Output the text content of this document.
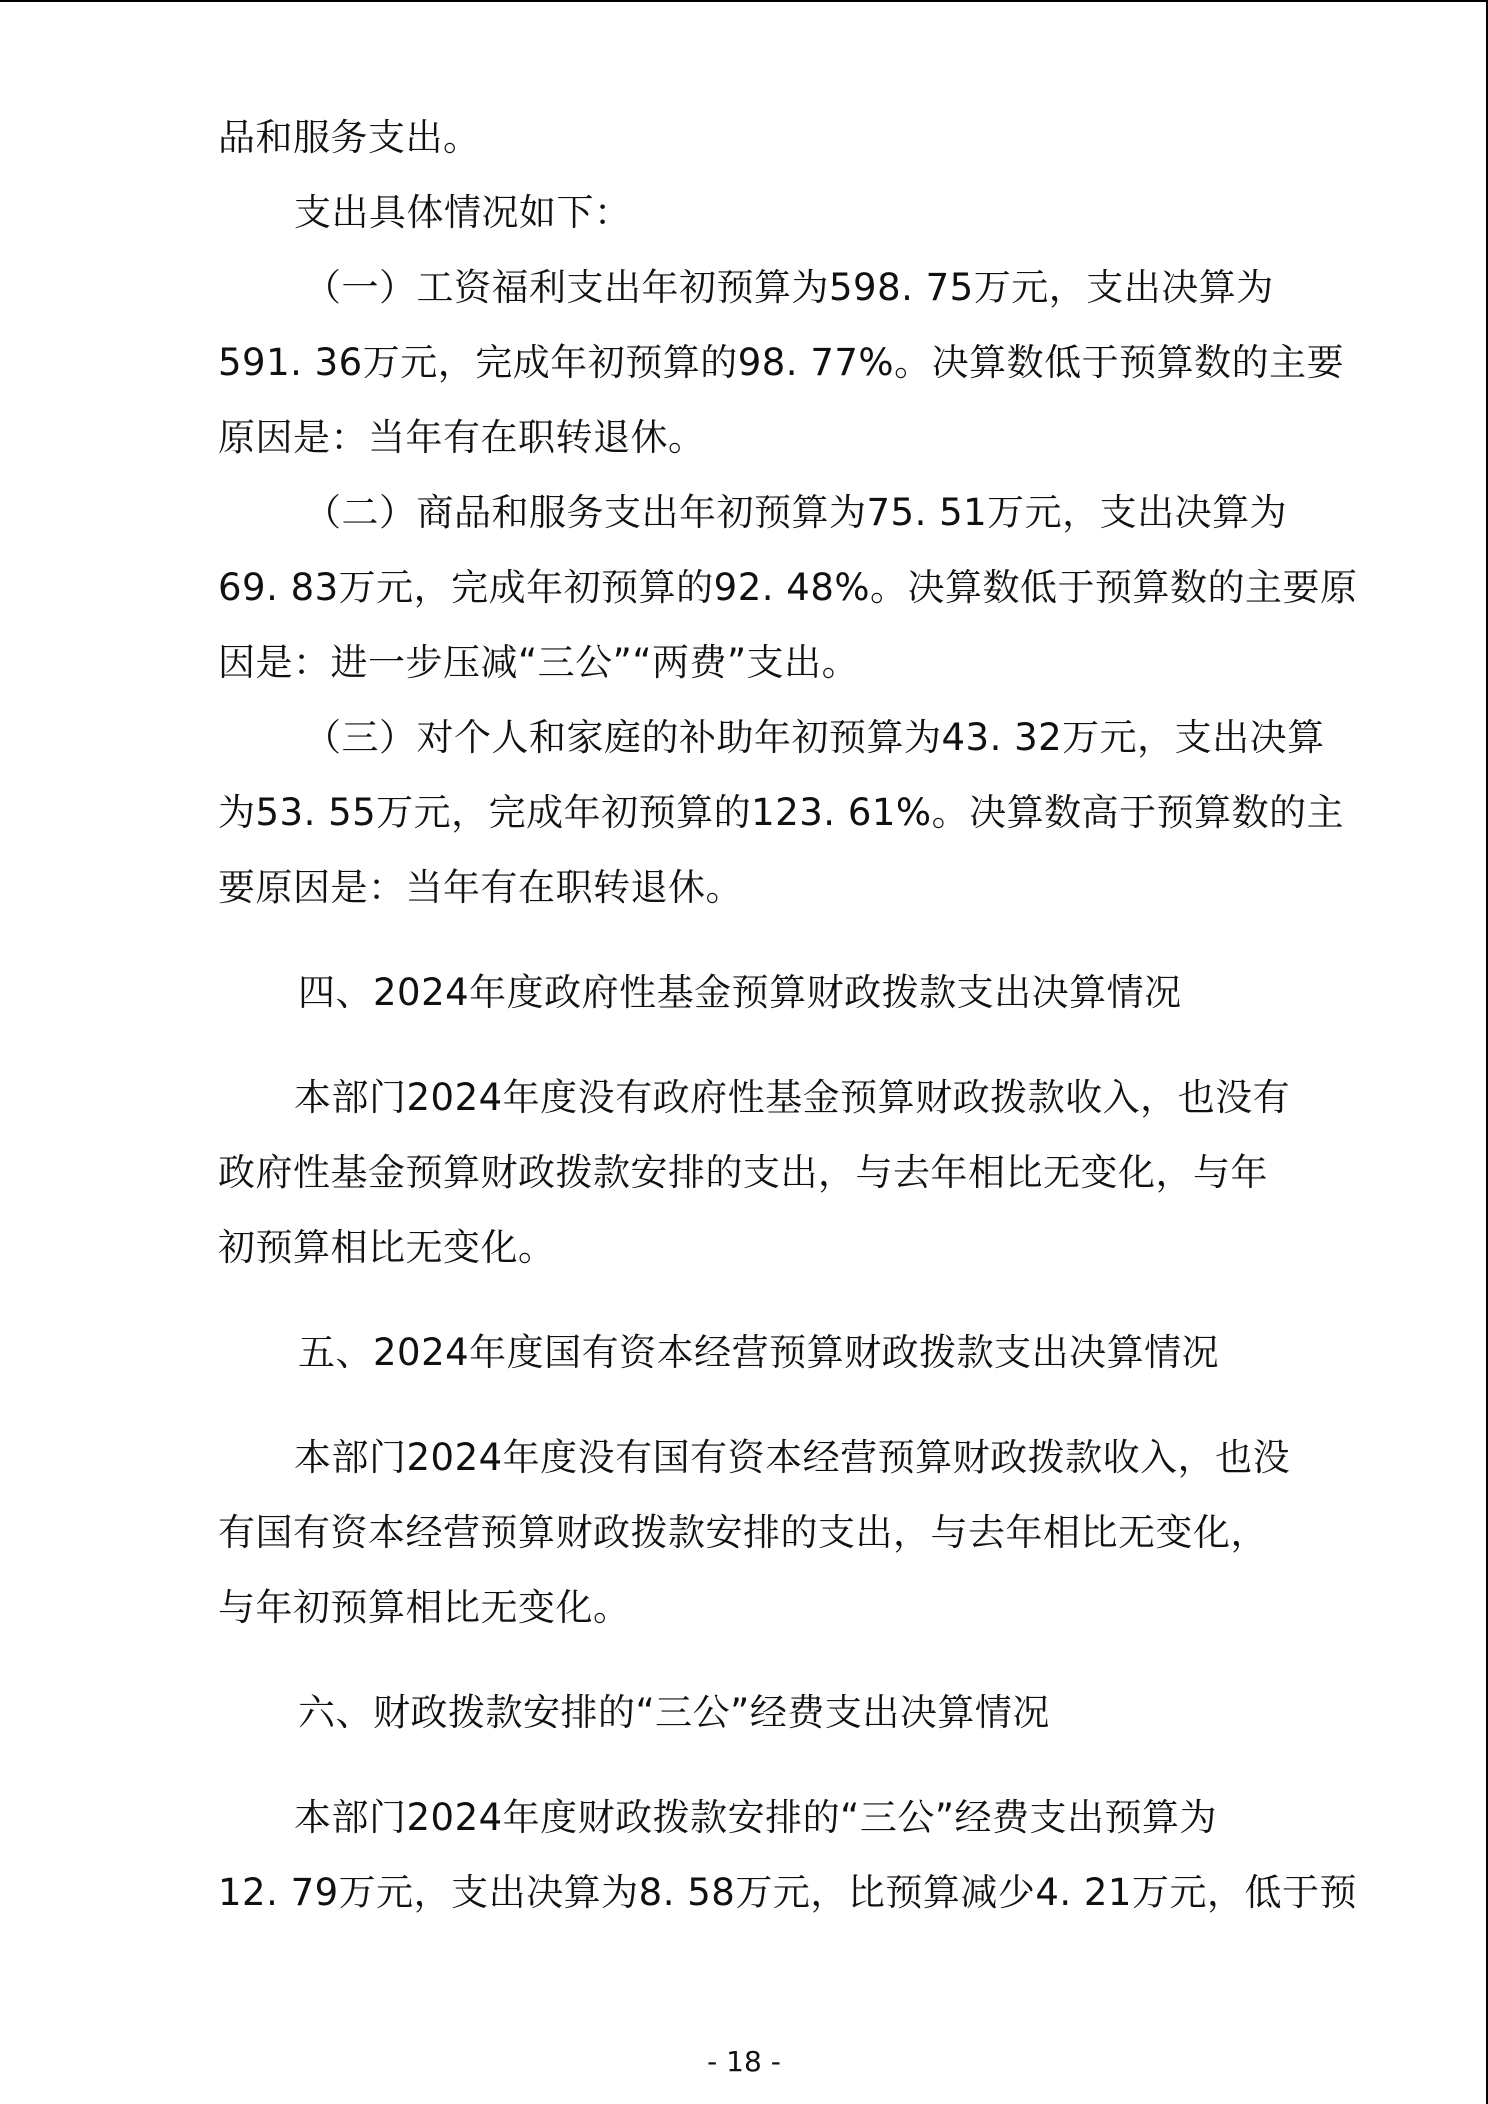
品和服务支出。
支出具体情况如下：
（一）工资福利支出年初预算为598. 75万元，支出决算为
591. 36万元，完成年初预算的98. 77%。决算数低于预算数的主要
原因是：当年有在职转退休。
（二）商品和服务支出年初预算为75. 51万元，支出决算为
69. 83万元，完成年初预算的92. 48%。决算数低于预算数的主要原
因是：进一步压减“三公”“两费”支出。
（三）对个人和家庭的补助年初预算为43. 32万元，支出决算
为53. 55万元，完成年初预算的123. 61%。决算数高于预算数的主
要原因是：当年有在职转退休。
四、2024年度政府性基金预算财政拨款支出决算情况
本部门2024年度没有政府性基金预算财政拨款收入，也没有
政府性基金预算财政拨款安排的支出，与去年相比无变化，与年
初预算相比无变化。
五、2024年度国有资本经营预算财政拨款支出决算情况
本部门2024年度没有国有资本经营预算财政拨款收入，也没
有国有资本经营预算财政拨款安排的支出，与去年相比无变化，
与年初预算相比无变化。
六、财政拨款安排的“三公”经费支出决算情况
本部门2024年度财政拨款安排的“三公”经费支出预算为
12. 79万元，支出决算为8. 58万元，比预算减少4. 21万元，低于预
- 18 -
